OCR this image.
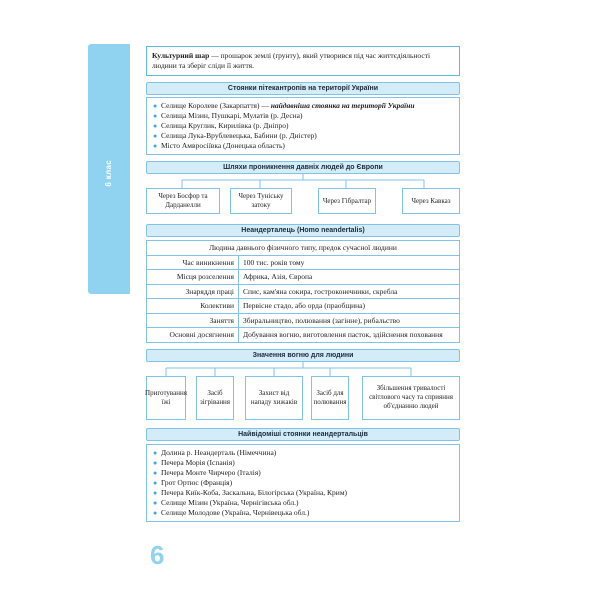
6 клас
6
Культурний шар — прошарок землі (ґрунту), який утворився під час життєдіяльності людини та зберіг сліди її життя.
Стоянки пітекантропів на території України
● Селище Королеве (Закарпаття) — найдавніша стоянка на території України
● Селища Мізин, Пушкарі, Мулатів (р. Десна)
● Селища Круглик, Кирилівка (р. Дніпро)
● Селища Лука-Врублевецька, Бабини (р. Дністер)
● Місто Амвросіївка (Донецька область)
Шляхи проникнення давніх людей до Європи
Через Босфор та Дарданелли
Через Туніську затоку
Через Гібралтар	Через Кавказ
Неандерталець (Homo neandertalis)
Людина давнього фізичного типу, предок сучасної людини	
Час виникнення	100 тис. років тому
Місця розселення	Африка, Азія, Європа
Знаряддя праці	Спис, кам'яна сокира, гостроконечники, скребла
Колективи	Первісне стадо, або орда (праобщина)
Заняття	Збиральництво, полювання (загінне), рибальство
Основні досягнення	Добування вогню, виготовлення пасток, здійснення поховання
Значення вогню для людини
Приготування їжі
Засіб зігрівання
Захист від нападу хижаків
Засіб для полювання
Збільшення тривалості світлового часу та сприяння об'єднанню людей
Найвідоміші стоянки неандертальців
● Долина р. Неандерталь (Німеччина)
● Печера Морія (Іспанія)
● Печера Монте Чирчеро (Італія)
● Грот Ортюс (Франція)
● Печера Киїк-Коба, Заскальна, Білогірська (Україна, Крим)
● Селище Мізин (Україна, Чернігівська обл.)
● Селище Молодове (Україна, Чернівецька обл.)
